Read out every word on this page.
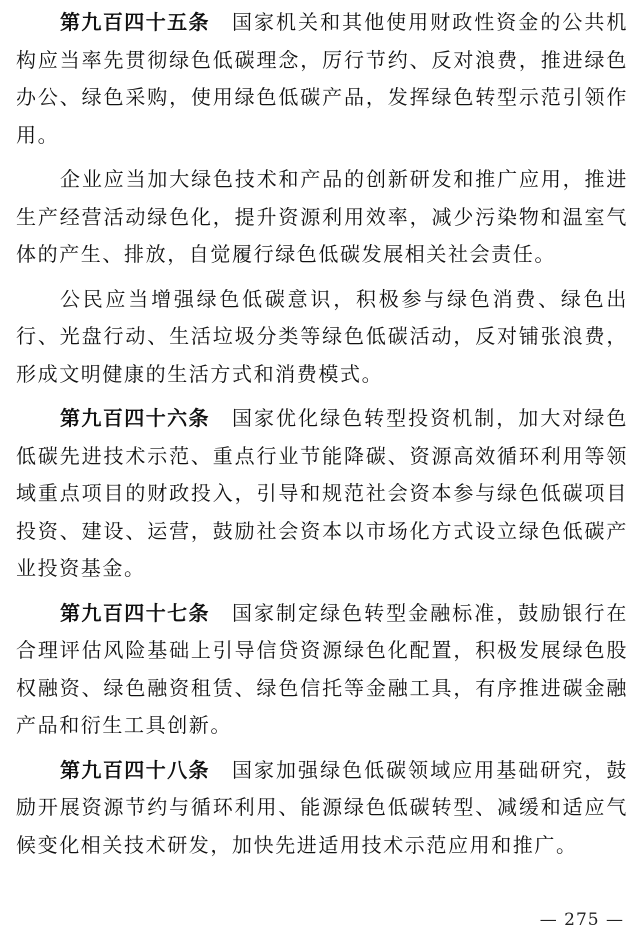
第九百四十五条 国家机关和其他使用财政性资金的公共机构应当率先贯彻绿色低碳理念，厉行节约、反对浪费，推进绿色办公、绿色采购，使用绿色低碳产品，发挥绿色转型示范引领作用。

企业应当加大绿色技术和产品的创新研发和推广应用，推进生产经营活动绿色化，提升资源利用效率，减少污染物和温室气体的产生、排放，自觉履行绿色低碳发展相关社会责任。

公民应当增强绿色低碳意识，积极参与绿色消费、绿色出行、光盘行动、生活垃圾分类等绿色低碳活动，反对铺张浪费，形成文明健康的生活方式和消费模式。

第九百四十六条 国家优化绿色转型投资机制，加大对绿色低碳先进技术示范、重点行业节能降碳、资源高效循环利用等领域重点项目的财政投入，引导和规范社会资本参与绿色低碳项目投资、建设、运营，鼓励社会资本以市场化方式设立绿色低碳产业投资基金。

第九百四十七条 国家制定绿色转型金融标准，鼓励银行在合理评估风险基础上引导信贷资源绿色化配置，积极发展绿色股权融资、绿色融资租赁、绿色信托等金融工具，有序推进碳金融产品和衍生工具创新。

第九百四十八条 国家加强绿色低碳领域应用基础研究，鼓励开展资源节约与循环利用、能源绿色低碳转型、减缓和适应气候变化相关技术研发，加快先进适用技术示范应用和推广。

— 275 —
